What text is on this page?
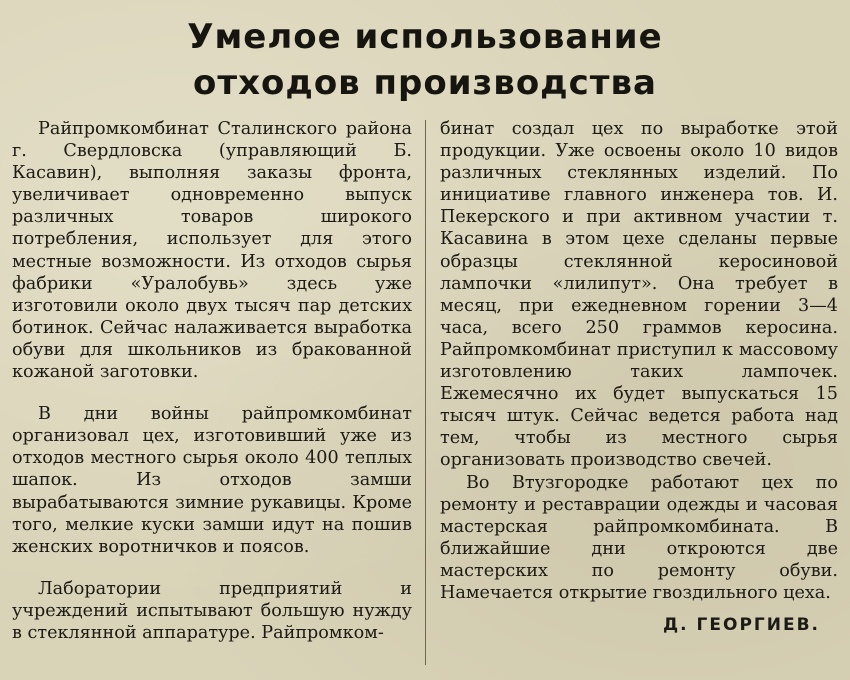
Умелое использование
отходов производства

Райпромкомбинат Сталинского района г. Свердловска (управляющий Б. Касавин), выполняя заказы фронта, увеличивает одновременно выпуск различных товаров широкого потребления, использует для этого местные возможности. Из отходов сырья фабрики «Уралобувь» здесь уже изготовили около двух тысяч пар детских ботинок. Сейчас налаживается выработка обуви для школьников из бракованной кожаной заготовки.

В дни войны райпромкомбинат организовал цех, изготовивший уже из отходов местного сырья около 400 теплых шапок. Из отходов замши вырабатываются зимние рукавицы. Кроме того, мелкие куски замши идут на пошив женских воротничков и поясов.

Лаборатории предприятий и учреждений испытывают большую нужду в стеклянной аппаратуре. Райпромком-

бинат создал цех по выработке этой продукции. Уже освоены около 10 видов различных стеклянных изделий. По инициативе главного инженера тов. И. Пекерского и при активном участии т. Касавина в этом цехе сделаны первые образцы стеклянной керосиновой лампочки «лилипут». Она требует в месяц, при ежедневном горении 3—4 часа, всего 250 граммов керосина. Райпромкомбинат приступил к массовому изготовлению таких лампочек. Ежемесячно их будет выпускаться 15 тысяч штук. Сейчас ведется работа над тем, чтобы из местного сырья организовать производство свечей.

Во Втузгородке работают цех по ремонту и реставрации одежды и часовая мастерская райпромкомбината. В ближайшие дни откроются две мастерских по ремонту обуви. Намечается открытие гвоздильного цеха.

Д. ГЕОРГИЕВ.
